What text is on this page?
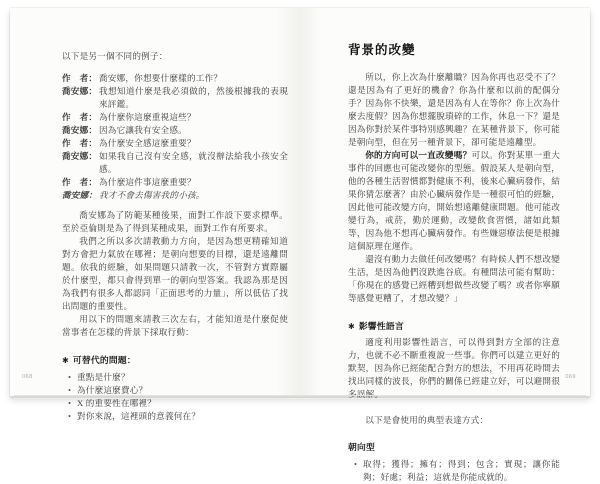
以下是另一個不同的例子：

作　者： 喬安娜，你想要什麼樣的工作？
喬安娜： 我想知道什麼是我必須做的，然後根據我的表現來評鑑。
作　者： 為什麼你這麼重視這些？
喬安娜： 因為它讓我有安全感。
作　者： 為什麼安全感這麼重要？
喬安娜： 如果我自己沒有安全感，就沒辦法給我小孩安全感。
作　者： 為什麼這件事這麼重要？
喬安娜： 我才不會去傷害我的小孩。

喬安娜為了防範某種後果，面對工作設下要求標準。至於亞倫則是為了得到某種成果，面對工作有所要求。

我們之所以多次請教動力方向，是因為想更精確知道對方會把力氣放在哪裡；是朝向想要的目標，還是遠離問題。依我的經驗，如果問題只請教一次，不管對方實際屬於什麼型，都只會得到單一的朝向型答案。我認為那是因為我們有很多人都認同「正面思考的力量」，所以低估了找出問題的重要性。

用以下的問題來請教三次左右，才能知道是什麼促使當事者在怎樣的背景下採取行動：

✱ 可替代的問題：
• 重點是什麼？
• 為什麼這麼費心？
• X 的重要性在哪裡？
• 對你來說，這裡頭的意義何在？
068
背景的改變

所以，你上次為什麼離職？因為你再也忍受不了？還是因為有了更好的機會？你為什麼和以前的配偶分手？因為你不快樂，還是因為有人在等你？你上次為什麼去度假？因為你想擺脫瑣碎的工作，休息一下？還是因為你對於某件事特別感興趣？在某種背景下，你可能是朝向型，但在另一種背景下，卻可能是遠離型。

你的方向可以一直改變嗎？可以。你對某單一重大事件的回應也可能改變你的型態。假設某人是朝向型，他的各種生活習慣都對健康不利，後來心臟病發作，結果你猜怎麼著？由於心臟病發作是一種很可怕的經驗，因此他可能改變方向，開始想遠離健康問題。他可能改變行為，戒菸，勤於運動，改變飲食習慣，諸如此類等，因為他不想再心臟病發作。有些嫌惡療法便是根據這個原理在運作。

還沒有動力去做任何改變嗎？有時候人們不想改變生活，是因為他們沒跌進谷底。有種問法可能有幫助：「你現在的感覺已經糟到想做些改變了嗎？或者你寧願等感覺更糟了，才想改變？」

✱ 影響性語言

適度利用影響性語言，可以得到對方全部的注意力，也就不必不斷重複說一些事。你們可以建立更好的默契，因為你已經能配合對方的想法，不用再花時間去找出同樣的波長，你們的關係已經建立好，可以避開很多誤解。

以下是會使用的典型表達方式：

朝向型
• 取得；獲得；擁有；得到；包含；實現；讓你能夠；好處；利益；這就是你能成就的。
069
